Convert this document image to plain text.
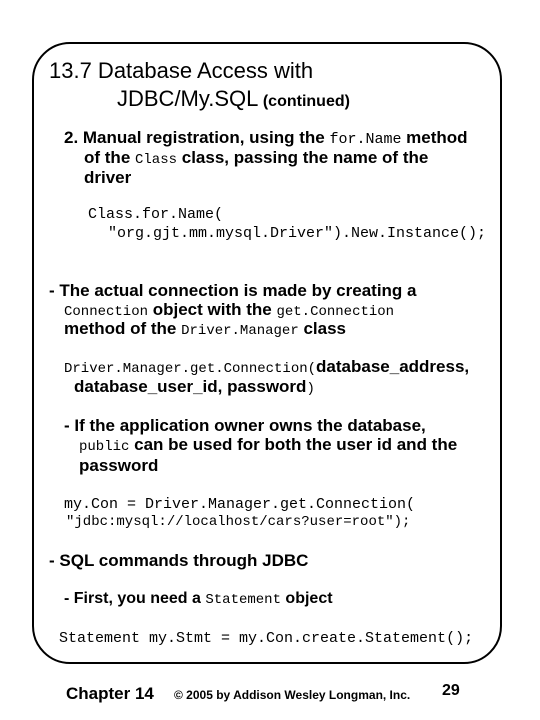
13.7 Database Access with
JDBC/My.SQL (continued)
2. Manual registration, using the for.Name method
of the Class class, passing the name of the
driver
Class.for.Name(
"org.gjt.mm.mysql.Driver").New.Instance();
- The actual connection is made by creating a
Connection object with the get.Connection
method of the Driver.Manager class
Driver.Manager.get.Connection(database_address,
database_user_id, password)
- If the application owner owns the database,
public can be used for both the user id and the
password
my.Con = Driver.Manager.get.Connection(
"jdbc:mysql://localhost/cars?user=root");
- SQL commands through JDBC
- First, you need a Statement object
Statement my.Stmt = my.Con.create.Statement();
Chapter 14 © 2005 by Addison Wesley Longman, Inc. 29
